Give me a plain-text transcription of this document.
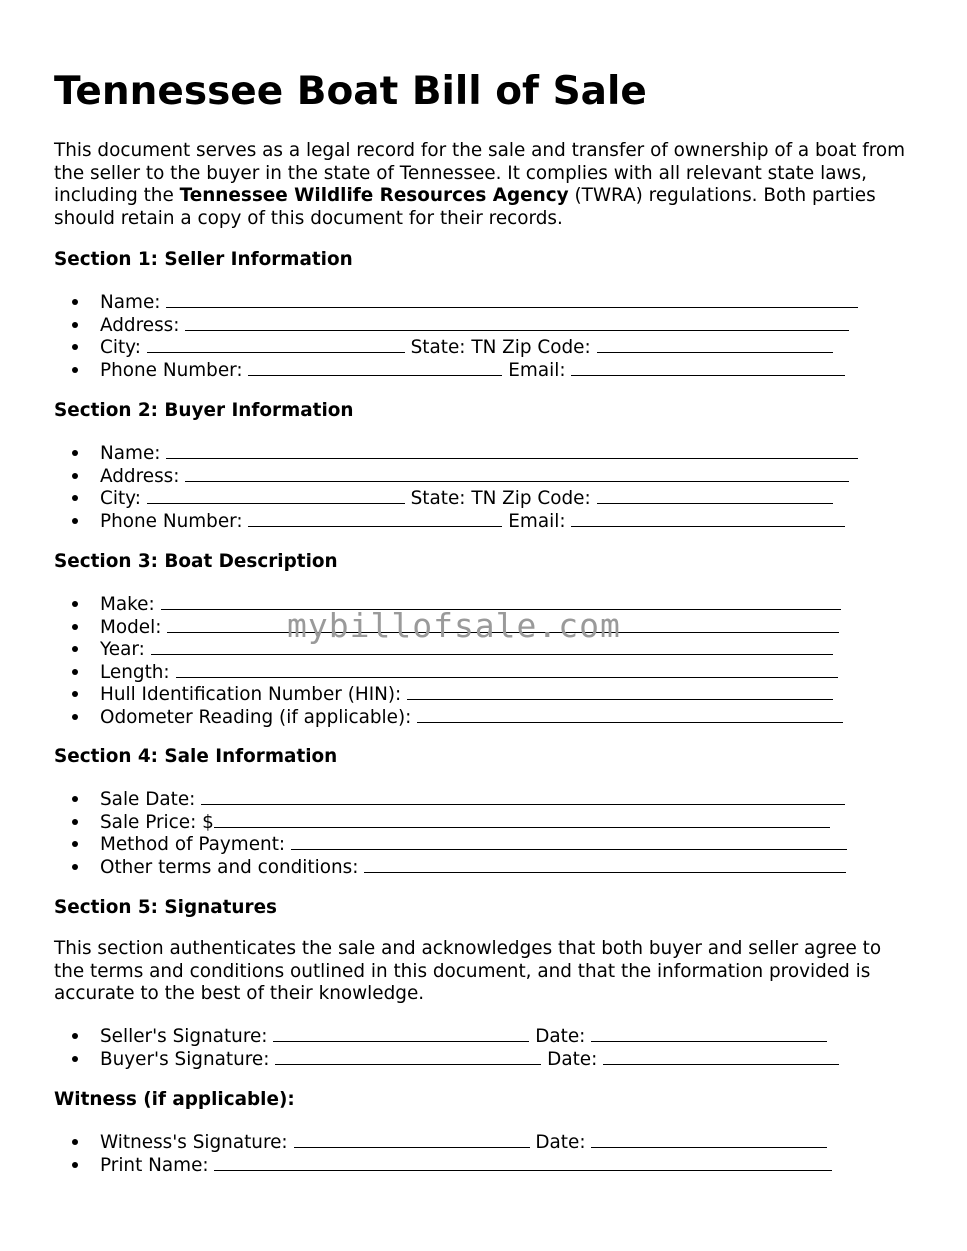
Tennessee Boat Bill of Sale

This document serves as a legal record for the sale and transfer of ownership of a boat from the seller to the buyer in the state of Tennessee. It complies with all relevant state laws, including the Tennessee Wildlife Resources Agency (TWRA) regulations. Both parties should retain a copy of this document for their records.

Section 1: Seller Information
Name:
Address:
City:	State: TN Zip Code:
Phone Number:	Email:
Section 2: Buyer Information
Name:
Address:
City:	State: TN Zip Code:
Phone Number:	Email:
Section 3: Boat Description
Make:
Model:
Year:
Length:
Hull Identification Number (HIN):
Odometer Reading (if applicable):
Section 4: Sale Information
Sale Date:
Sale Price: $
Method of Payment:
Other terms and conditions:
Section 5: Signatures

This section authenticates the sale and acknowledges that both buyer and seller agree to the terms and conditions outlined in this document, and that the information provided is accurate to the best of their knowledge.

Seller's Signature:	Date:
Buyer's Signature:	Date:
Witness (if applicable):
Witness's Signature:	Date:
Print Name:
mybillofsale.com
